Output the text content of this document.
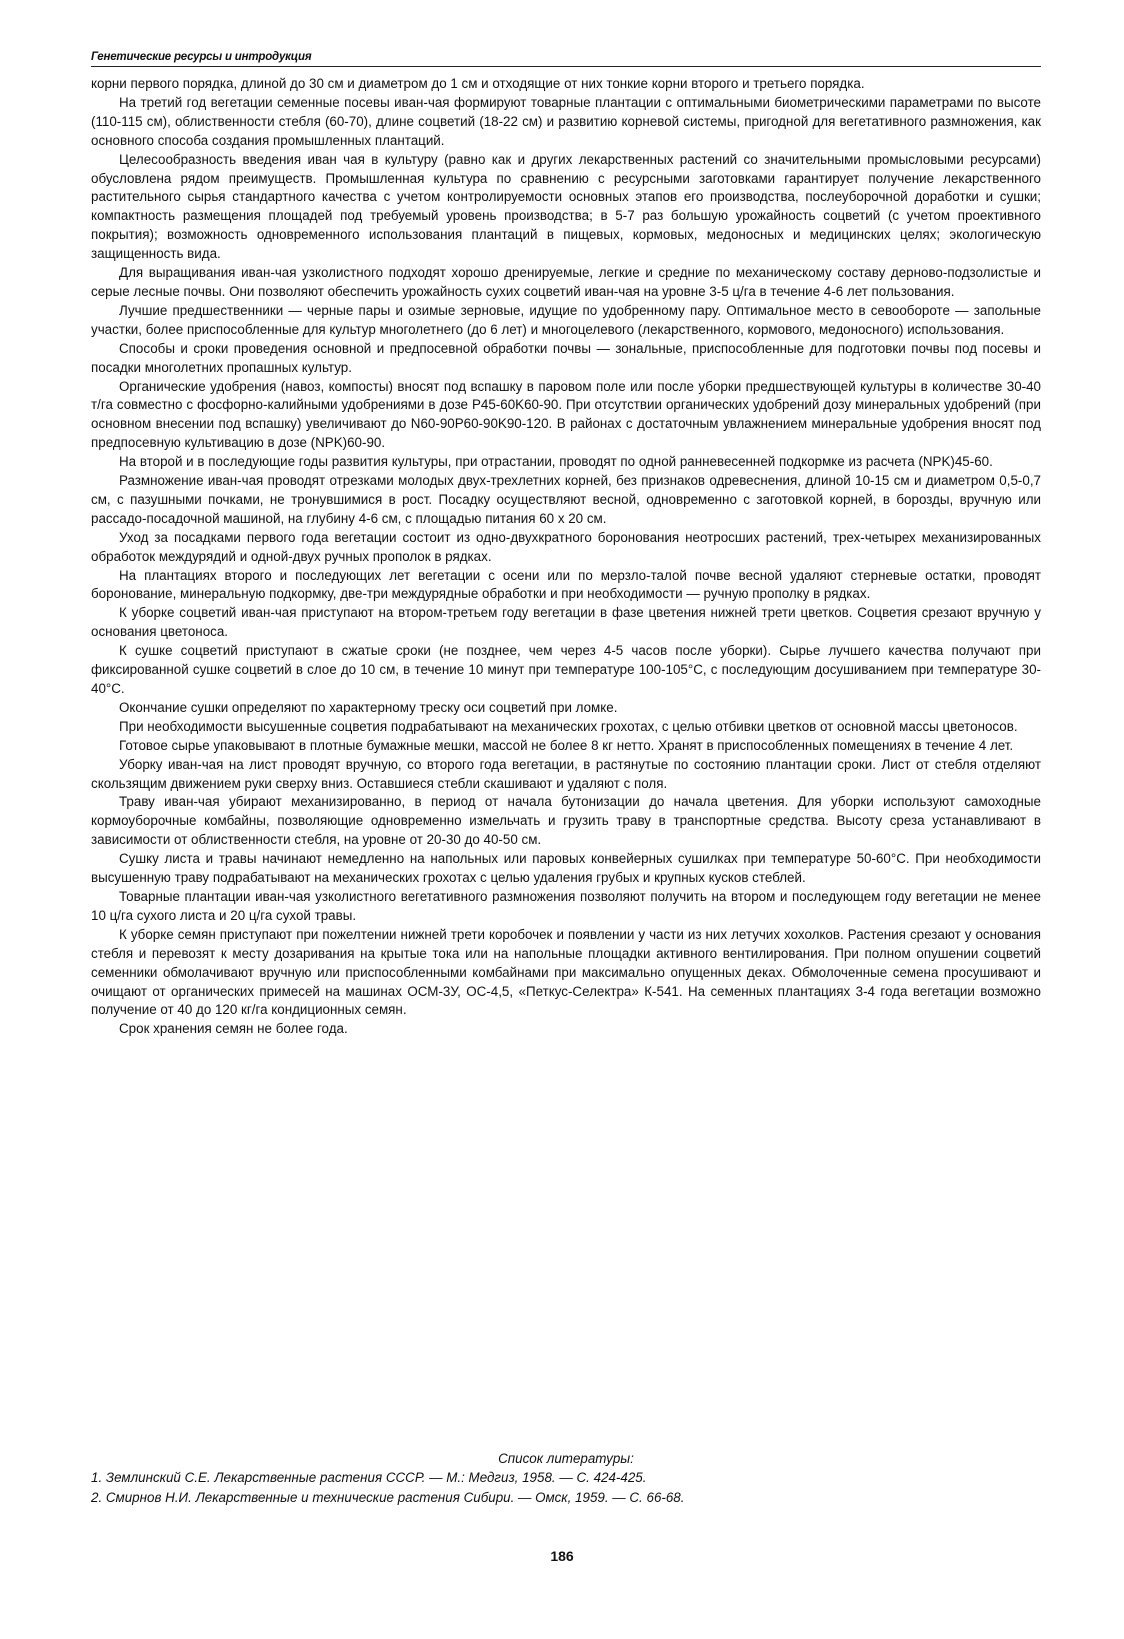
Генетические ресурсы и интродукция

корни первого порядка, длиной до 30 см и диаметром до 1 см и отходящие от них тонкие корни второго и третьего порядка.

На третий год вегетации семенные посевы иван-чая формируют товарные плантации с оптимальными биометрическими параметрами по высоте (110-115 см), облиственности стебля (60-70), длине соцветий (18-22 см) и развитию корневой системы, пригодной для вегетативного размножения, как основного способа создания промышленных плантаций.

Целесообразность введения иван чая в культуру (равно как и других лекарственных растений со значительными промысловыми ресурсами) обусловлена рядом преимуществ. Промышленная культура по сравнению с ресурсными заготовками гарантирует получение лекарственного растительного сырья стандартного качества с учетом контролируемости основных этапов его производства, послеуборочной доработки и сушки; компактность размещения площадей под требуемый уровень производства; в 5-7 раз большую урожайность соцветий (с учетом проективного покрытия); возможность одновременного использования плантаций в пищевых, кормовых, медоносных и медицинских целях; экологическую защищенность вида.

Для выращивания иван-чая узколистного подходят хорошо дренируемые, легкие и средние по механическому составу дерново-подзолистые и серые лесные почвы. Они позволяют обеспечить урожайность сухих соцветий иван-чая на уровне 3-5 ц/га в течение 4-6 лет пользования.

Лучшие предшественники — черные пары и озимые зерновые, идущие по удобренному пару. Оптимальное место в севообороте — запольные участки, более приспособленные для культур многолетнего (до 6 лет) и многоцелевого (лекарственного, кормового, медоносного) использования.

Способы и сроки проведения основной и предпосевной обработки почвы — зональные, приспособленные для подготовки почвы под посевы и посадки многолетних пропашных культур.

Органические удобрения (навоз, компосты) вносят под вспашку в паровом поле или после уборки предшествующей культуры в количестве 30-40 т/га совместно с фосфорно-калийными удобрениями в дозе P45-60K60-90. При отсутствии органических удобрений дозу минеральных удобрений (при основном внесении под вспашку) увеличивают до N60-90P60-90K90-120. В районах с достаточным увлажнением минеральные удобрения вносят под предпосевную культивацию в дозе (NPK)60-90.

На второй и в последующие годы развития культуры, при отрастании, проводят по одной ранневесенней подкормке из расчета (NPK)45-60.

Размножение иван-чая проводят отрезками молодых двух-трехлетних корней, без признаков одревеснения, длиной 10-15 см и диаметром 0,5-0,7 см, с пазушными почками, не тронувшимися в рост. Посадку осуществляют весной, одновременно с заготовкой корней, в борозды, вручную или рассадо-посадочной машиной, на глубину 4-6 см, с площадью питания 60 х 20 см.

Уход за посадками первого года вегетации состоит из одно-двухкратного боронования неотросших растений, трех-четырех механизированных обработок междурядий и одной-двух ручных прополок в рядках.

На плантациях второго и последующих лет вегетации с осени или по мерзло-талой почве весной удаляют стерневые остатки, проводят боронование, минеральную подкормку, две-три междурядные обработки и при необходимости — ручную прополку в рядках.

К уборке соцветий иван-чая приступают на втором-третьем году вегетации в фазе цветения нижней трети цветков. Соцветия срезают вручную у основания цветоноса.

К сушке соцветий приступают в сжатые сроки (не позднее, чем через 4-5 часов после уборки). Сырье лучшего качества получают при фиксированной сушке соцветий в слое до 10 см, в течение 10 минут при температуре 100-105°С, с последующим досушиванием при температуре 30-40°С.

Окончание сушки определяют по характерному треску оси соцветий при ломке.

При необходимости высушенные соцветия подрабатывают на механических грохотах, с целью отбивки цветков от основной массы цветоносов.

Готовое сырье упаковывают в плотные бумажные мешки, массой не более 8 кг нетто. Хранят в приспособленных помещениях в течение 4 лет.

Уборку иван-чая на лист проводят вручную, со второго года вегетации, в растянутые по состоянию плантации сроки. Лист от стебля отделяют скользящим движением руки сверху вниз. Оставшиеся стебли скашивают и удаляют с поля.

Траву иван-чая убирают механизированно, в период от начала бутонизации до начала цветения. Для уборки используют самоходные кормоуборочные комбайны, позволяющие одновременно измельчать и грузить траву в транспортные средства. Высоту среза устанавливают в зависимости от облиственности стебля, на уровне от 20-30 до 40-50 см.

Сушку листа и травы начинают немедленно на напольных или паровых конвейерных сушилках при температуре 50-60°С. При необходимости высушенную траву подрабатывают на механических грохотах с целью удаления грубых и крупных кусков стеблей.

Товарные плантации иван-чая узколистного вегетативного размножения позволяют получить на втором и последующем году вегетации не менее 10 ц/га сухого листа и 20 ц/га сухой травы.

К уборке семян приступают при пожелтении нижней трети коробочек и появлении у части из них летучих хохолков. Растения срезают у основания стебля и перевозят к месту дозаривания на крытые тока или на напольные площадки активного вентилирования. При полном опушении соцветий семенники обмолачивают вручную или приспособленными комбайнами при максимально опущенных деках. Обмолоченные семена просушивают и очищают от органических примесей на машинах ОСМ-3У, ОС-4,5, «Петкус-Селектра» К-541. На семенных плантациях 3-4 года вегетации возможно получение от 40 до 120 кг/га кондиционных семян.

Срок хранения семян не более года.

Список литературы:
1. Землинский С.Е. Лекарственные растения СССР. — М.: Медгиз, 1958. — С. 424-425.
2. Смирнов Н.И. Лекарственные и технические растения Сибири. — Омск, 1959. — С. 66-68.
186
